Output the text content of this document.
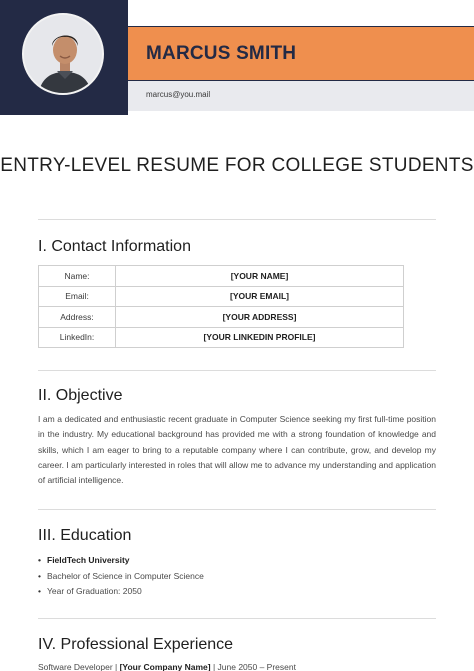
MARCUS SMITH
marcus@you.mail
ENTRY-LEVEL RESUME FOR COLLEGE STUDENTS
I. Contact Information
Name:	[YOUR NAME]
Email:	[YOUR EMAIL]
Address:	[YOUR ADDRESS]
LinkedIn:	[YOUR LINKEDIN PROFILE]
II. Objective
I am a dedicated and enthusiastic recent graduate in Computer Science seeking my first full-time position in the industry. My educational background has provided me with a strong foundation of knowledge and skills, which I am eager to bring to a reputable company where I can contribute, grow, and develop my career. I am particularly interested in roles that will allow me to advance my understanding and application of artificial intelligence.
III. Education
• FieldTech University
• Bachelor of Science in Computer Science
• Year of Graduation: 2050
IV. Professional Experience
Software Developer | [Your Company Name] | June 2050 – Present
